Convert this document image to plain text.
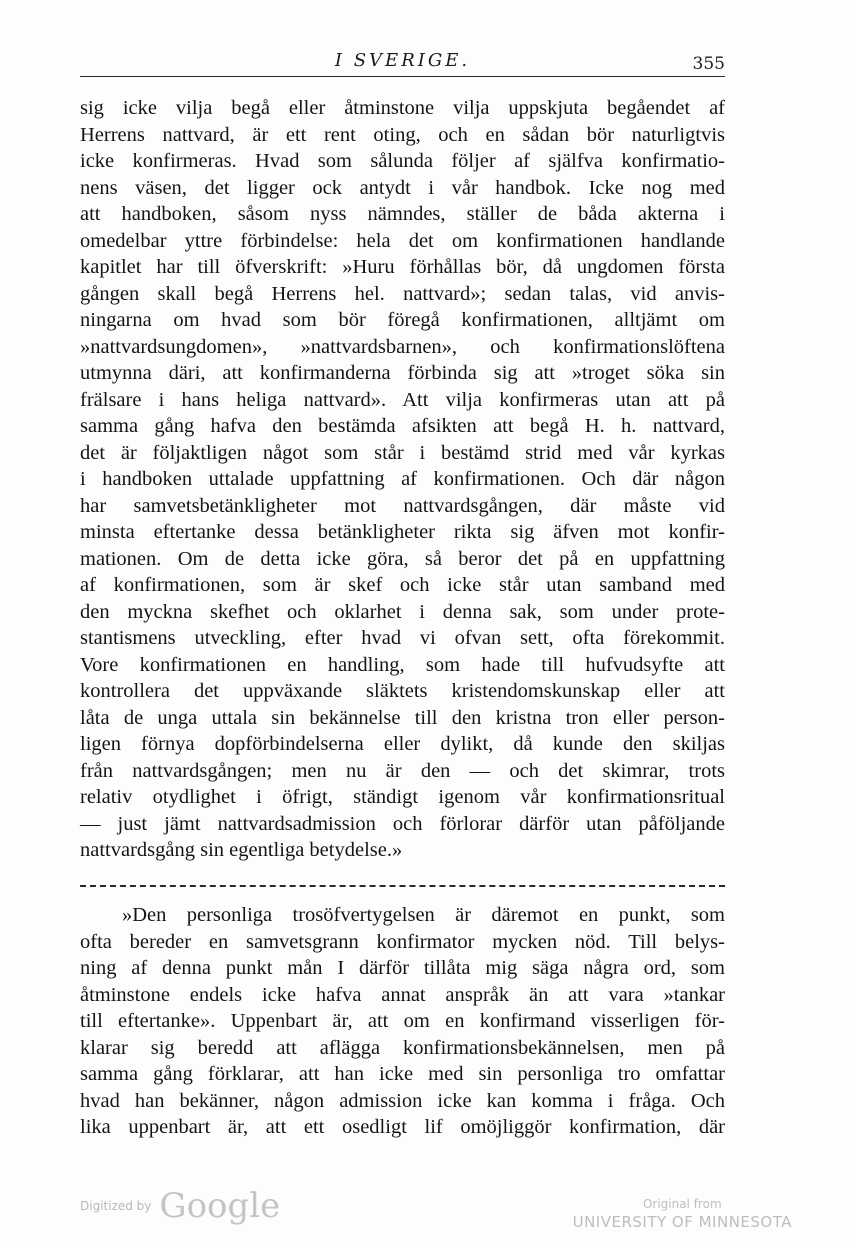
I SVERIGE.	355
sig icke vilja begå eller åtminstone vilja uppskjuta begåendet af
Herrens nattvard, är ett rent oting, och en sådan bör naturligtvis
icke konfirmeras. Hvad som sålunda följer af själfva konfirmatio-
nens väsen, det ligger ock antydt i vår handbok. Icke nog med
att handboken, såsom nyss nämndes, ställer de båda akterna i
omedelbar yttre förbindelse: hela det om konfirmationen handlande
kapitlet har till öfverskrift: »Huru förhållas bör, då ungdomen första
gången skall begå Herrens hel. nattvard»; sedan talas, vid anvis-
ningarna om hvad som bör föregå konfirmationen, alltjämt om
»nattvardsungdomen», »nattvardsbarnen», och konfirmationslöftena
utmynna däri, att konfirmanderna förbinda sig att »troget söka sin
frälsare i hans heliga nattvard». Att vilja konfirmeras utan att på
samma gång hafva den bestämda afsikten att begå H. h. nattvard,
det är följaktligen något som står i bestämd strid med vår kyrkas
i handboken uttalade uppfattning af konfirmationen. Och där någon
har samvetsbetänkligheter mot nattvardsgången, där måste vid
minsta eftertanke dessa betänkligheter rikta sig äfven mot konfir-
mationen. Om de detta icke göra, så beror det på en uppfattning
af konfirmationen, som är skef och icke står utan samband med
den myckna skefhet och oklarhet i denna sak, som under prote-
stantismens utveckling, efter hvad vi ofvan sett, ofta förekommit.
Vore konfirmationen en handling, som hade till hufvudsyfte att
kontrollera det uppväxande släktets kristendomskunskap eller att
låta de unga uttala sin bekännelse till den kristna tron eller person-
ligen förnya dopförbindelserna eller dylikt, då kunde den skiljas
från nattvardsgången; men nu är den — och det skimrar, trots
relativ otydlighet i öfrigt, ständigt igenom vår konfirmationsritual
— just jämt nattvardsadmission och förlorar därför utan påföljande
nattvardsgång sin egentliga betydelse.»
»Den personliga trosöfvertygelsen är däremot en punkt, som
ofta bereder en samvetsgrann konfirmator mycken nöd. Till belys-
ning af denna punkt mån I därför tillåta mig säga några ord, som
åtminstone endels icke hafva annat anspråk än att vara »tankar
till eftertanke». Uppenbart är, att om en konfirmand visserligen för-
klarar sig beredd att aflägga konfirmationsbekännelsen, men på
samma gång förklarar, att han icke med sin personliga tro omfattar
hvad han bekänner, någon admission icke kan komma i fråga. Och
lika uppenbart är, att ett osedligt lif omöjliggör konfirmation, där
Digitized by Google	Original from
UNIVERSITY OF MINNESOTA
